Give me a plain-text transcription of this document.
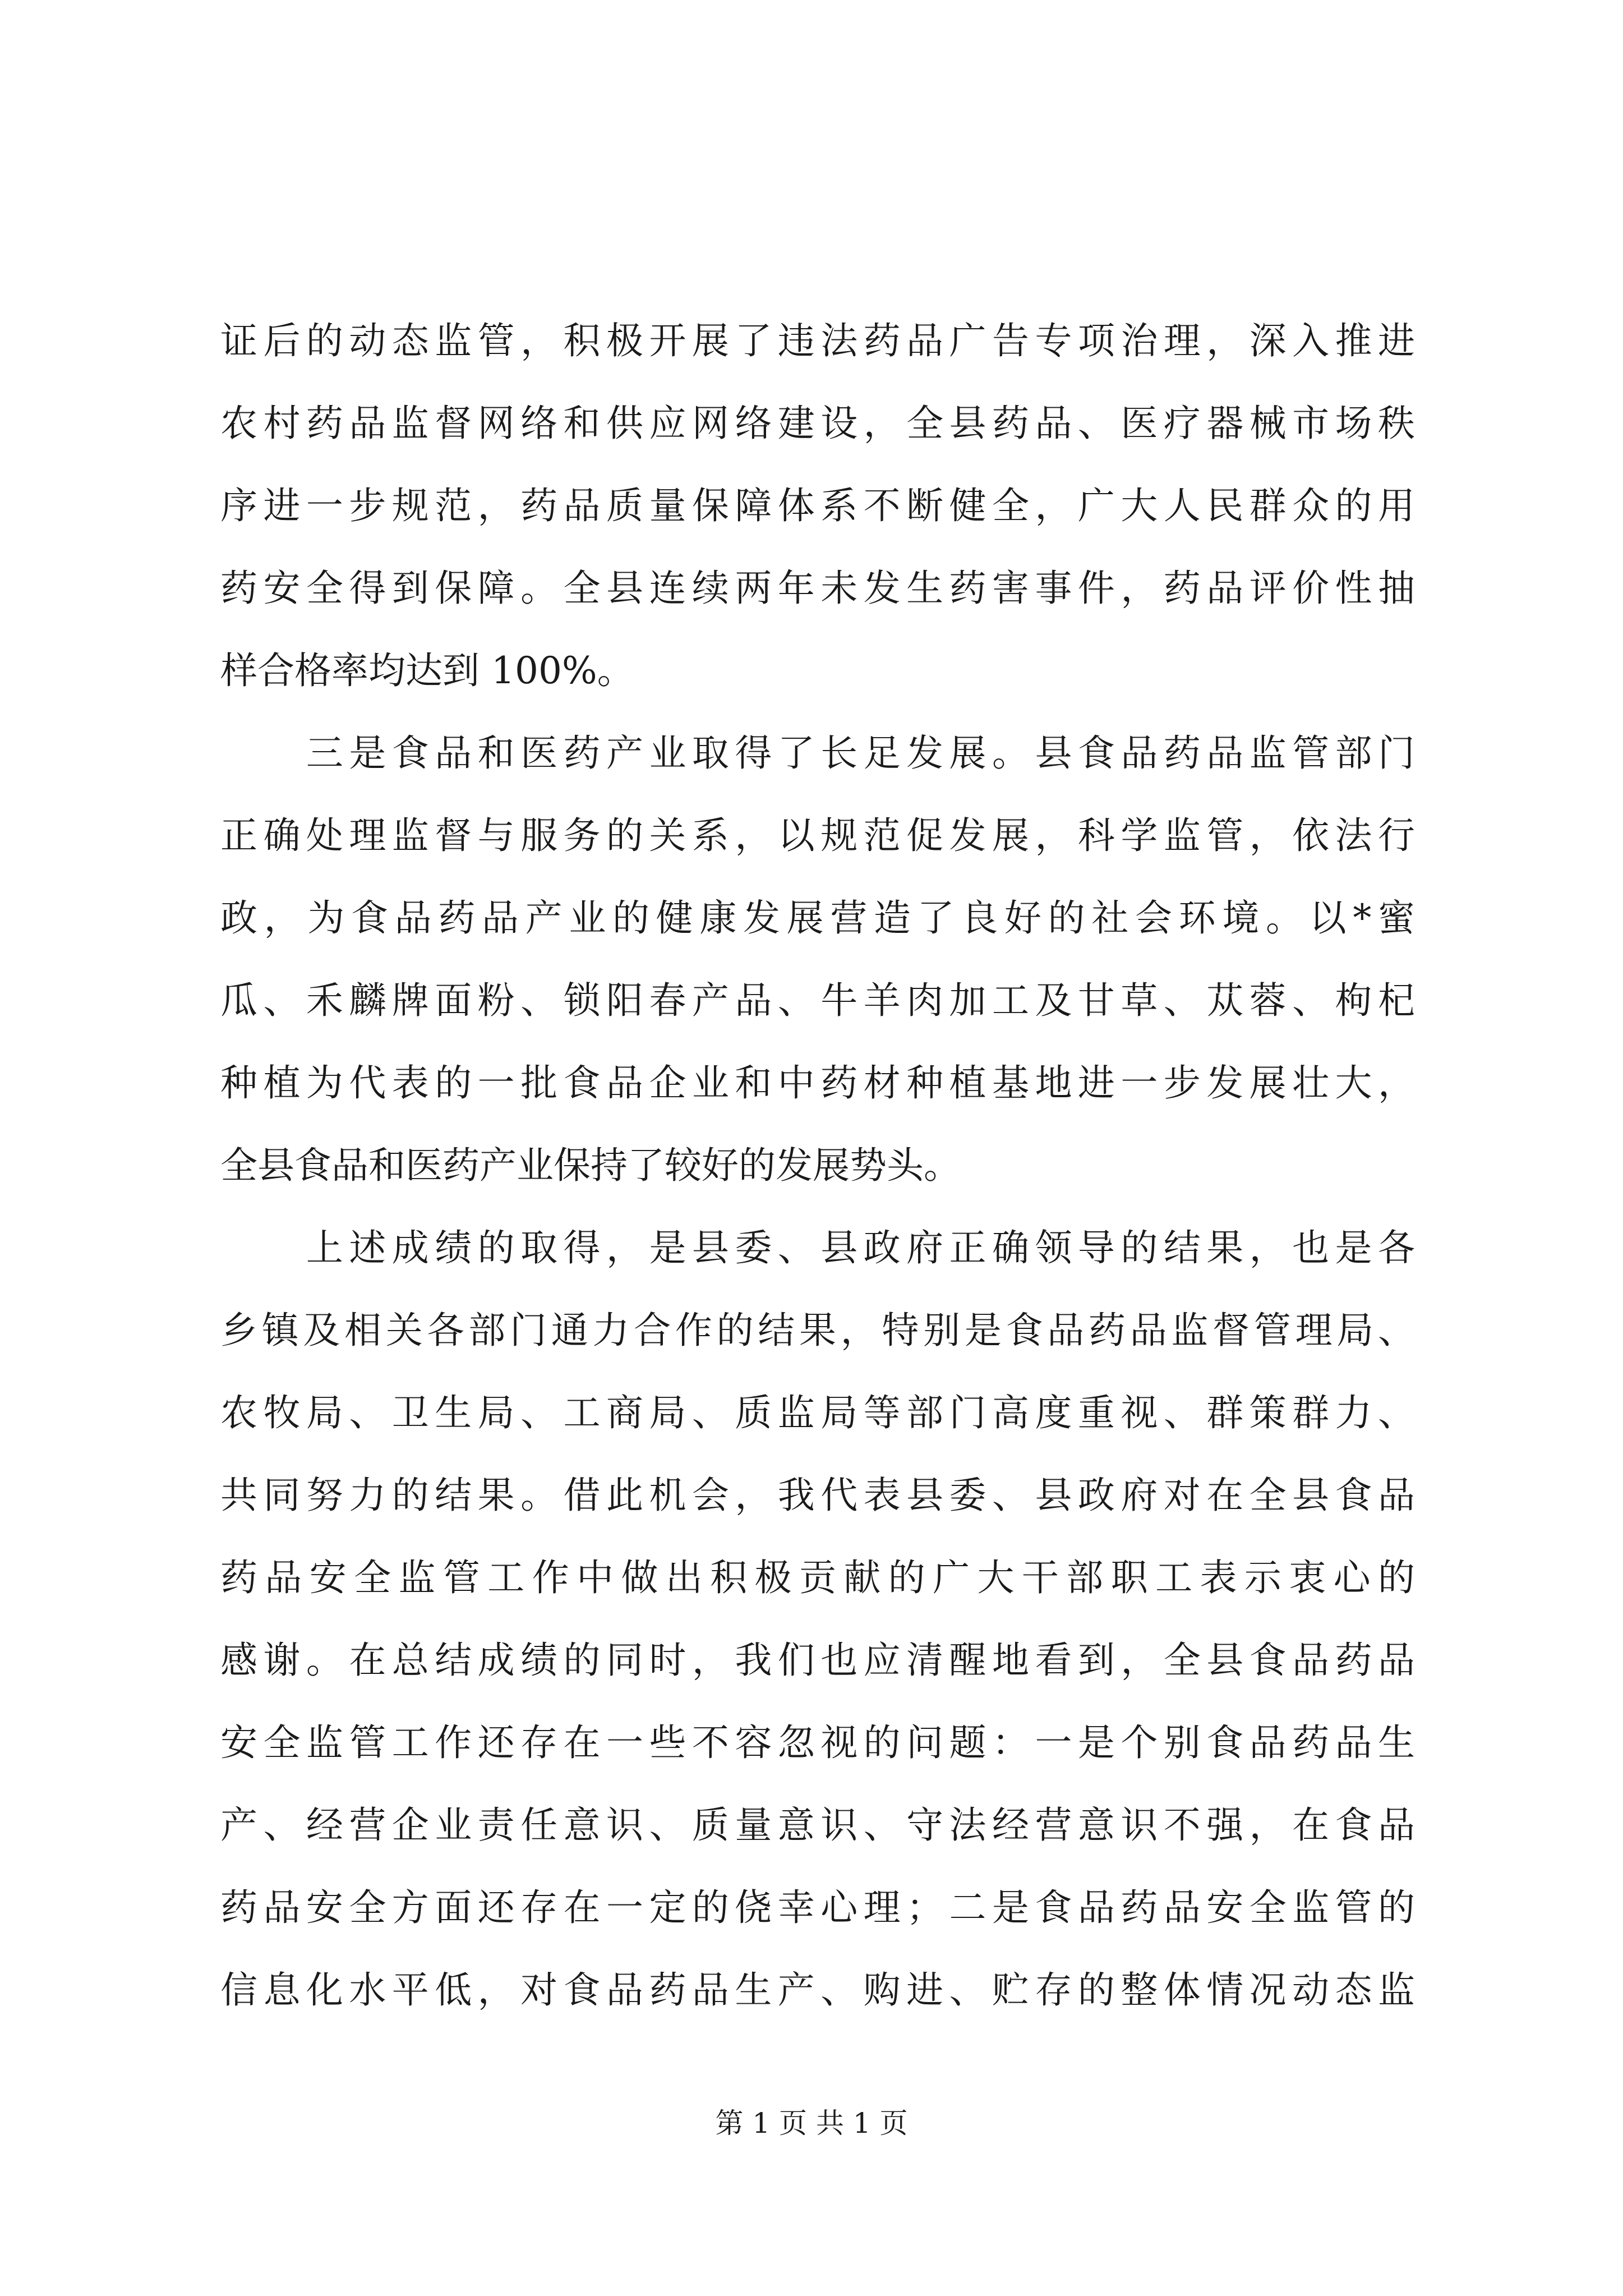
证后的动态监管，积极开展了违法药品广告专项治理，深入推进
农村药品监督网络和供应网络建设，全县药品、医疗器械市场秩
序进一步规范，药品质量保障体系不断健全，广大人民群众的用
药安全得到保障。全县连续两年未发生药害事件，药品评价性抽
样合格率均达到 100%。
　　三是食品和医药产业取得了长足发展。县食品药品监管部门
正确处理监督与服务的关系，以规范促发展，科学监管，依法行
政，为食品药品产业的健康发展营造了良好的社会环境。以*蜜
瓜、禾麟牌面粉、锁阳春产品、牛羊肉加工及甘草、苁蓉、枸杞
种植为代表的一批食品企业和中药材种植基地进一步发展壮大，
全县食品和医药产业保持了较好的发展势头。
　　上述成绩的取得，是县委、县政府正确领导的结果，也是各
乡镇及相关各部门通力合作的结果，特别是食品药品监督管理局、
农牧局、卫生局、工商局、质监局等部门高度重视、群策群力、
共同努力的结果。借此机会，我代表县委、县政府对在全县食品
药品安全监管工作中做出积极贡献的广大干部职工表示衷心的
感谢。在总结成绩的同时，我们也应清醒地看到，全县食品药品
安全监管工作还存在一些不容忽视的问题：一是个别食品药品生
产、经营企业责任意识、质量意识、守法经营意识不强，在食品
药品安全方面还存在一定的侥幸心理；二是食品药品安全监管的
信息化水平低，对食品药品生产、购进、贮存的整体情况动态监
第 1 页 共 1 页
